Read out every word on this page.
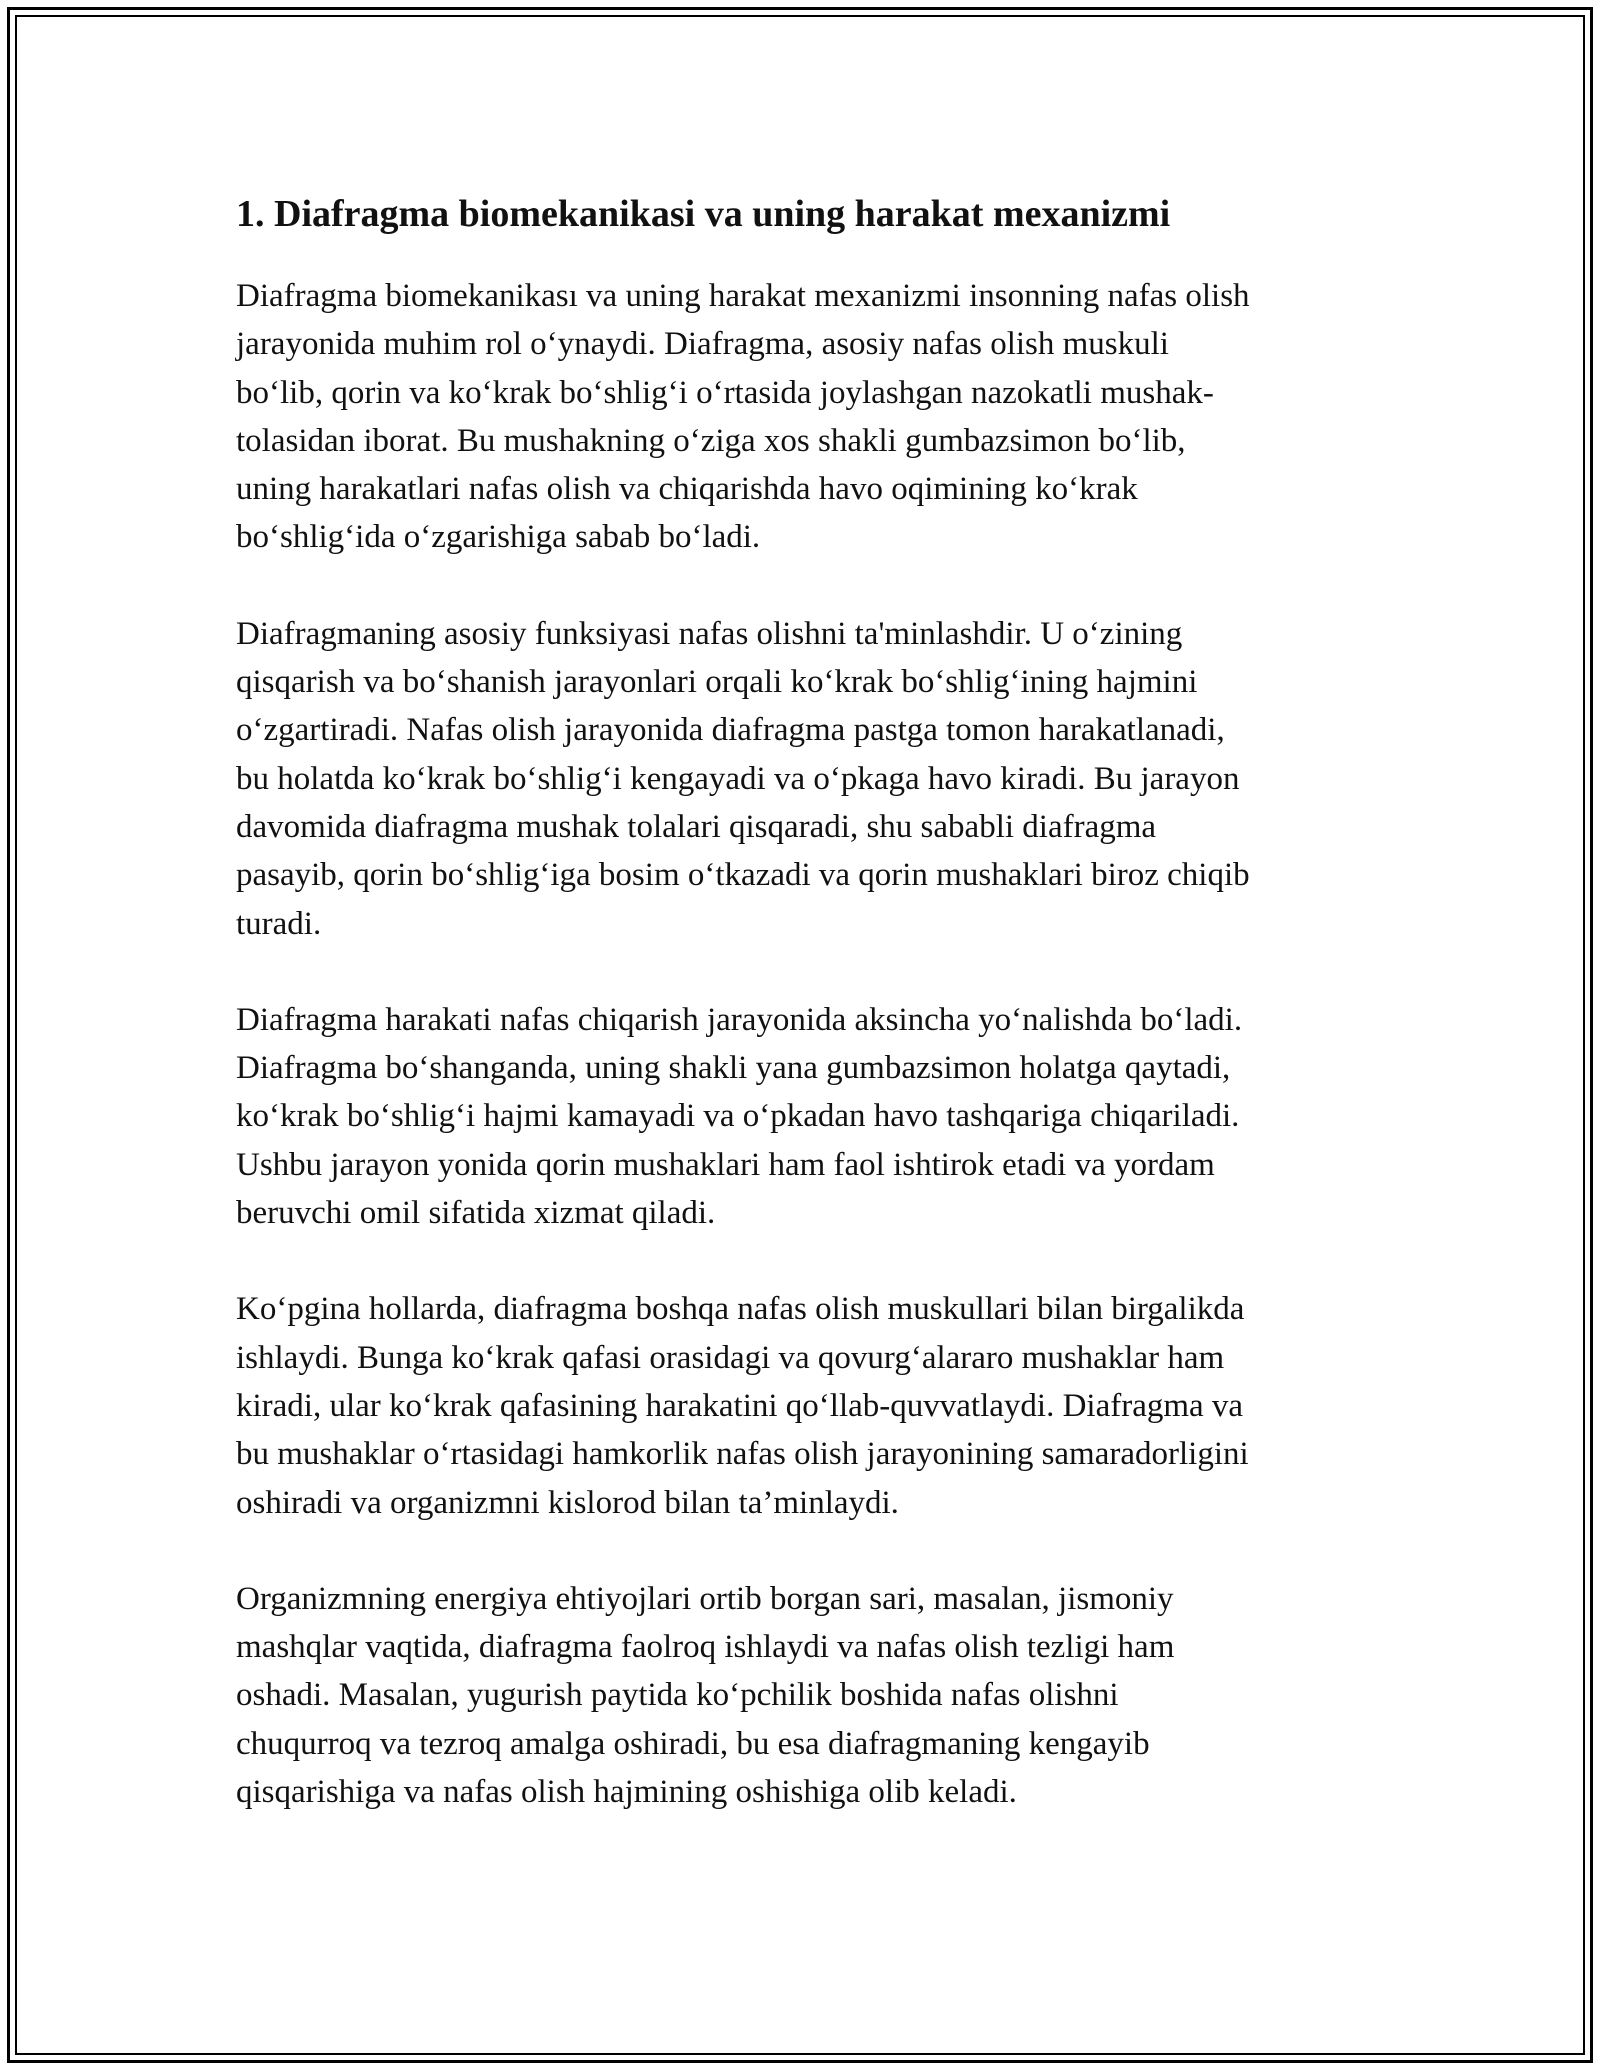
1. Diafragma biomekanikasi va uning harakat mexanizmi

Diafragma biomekanikası va uning harakat mexanizmi insonning nafas olish
jarayonida muhim rol o‘ynaydi. Diafragma, asosiy nafas olish muskuli
bo‘lib, qorin va ko‘krak bo‘shlig‘i o‘rtasida joylashgan nazokatli mushak-
tolasidan iborat. Bu mushakning o‘ziga xos shakli gumbazsimon bo‘lib,
uning harakatlari nafas olish va chiqarishda havo oqimining ko‘krak
bo‘shlig‘ida o‘zgarishiga sabab bo‘ladi.

Diafragmaning asosiy funksiyasi nafas olishni ta'minlashdir. U o‘zining
qisqarish va bo‘shanish jarayonlari orqali ko‘krak bo‘shlig‘ining hajmini
o‘zgartiradi. Nafas olish jarayonida diafragma pastga tomon harakatlanadi,
bu holatda ko‘krak bo‘shlig‘i kengayadi va o‘pkaga havo kiradi. Bu jarayon
davomida diafragma mushak tolalari qisqaradi, shu sababli diafragma
pasayib, qorin bo‘shlig‘iga bosim o‘tkazadi va qorin mushaklari biroz chiqib
turadi.

Diafragma harakati nafas chiqarish jarayonida aksincha yo‘nalishda bo‘ladi.
Diafragma bo‘shanganda, uning shakli yana gumbazsimon holatga qaytadi,
ko‘krak bo‘shlig‘i hajmi kamayadi va o‘pkadan havo tashqariga chiqariladi.
Ushbu jarayon yonida qorin mushaklari ham faol ishtirok etadi va yordam
beruvchi omil sifatida xizmat qiladi.

Ko‘pgina hollarda, diafragma boshqa nafas olish muskullari bilan birgalikda
ishlaydi. Bunga ko‘krak qafasi orasidagi va qovurg‘alararo mushaklar ham
kiradi, ular ko‘krak qafasining harakatini qo‘llab-quvvatlaydi. Diafragma va
bu mushaklar o‘rtasidagi hamkorlik nafas olish jarayonining samaradorligini
oshiradi va organizmni kislorod bilan ta’minlaydi.

Organizmning energiya ehtiyojlari ortib borgan sari, masalan, jismoniy
mashqlar vaqtida, diafragma faolroq ishlaydi va nafas olish tezligi ham
oshadi. Masalan, yugurish paytida ko‘pchilik boshida nafas olishni
chuqurroq va tezroq amalga oshiradi, bu esa diafragmaning kengayib
qisqarishiga va nafas olish hajmining oshishiga olib keladi.
